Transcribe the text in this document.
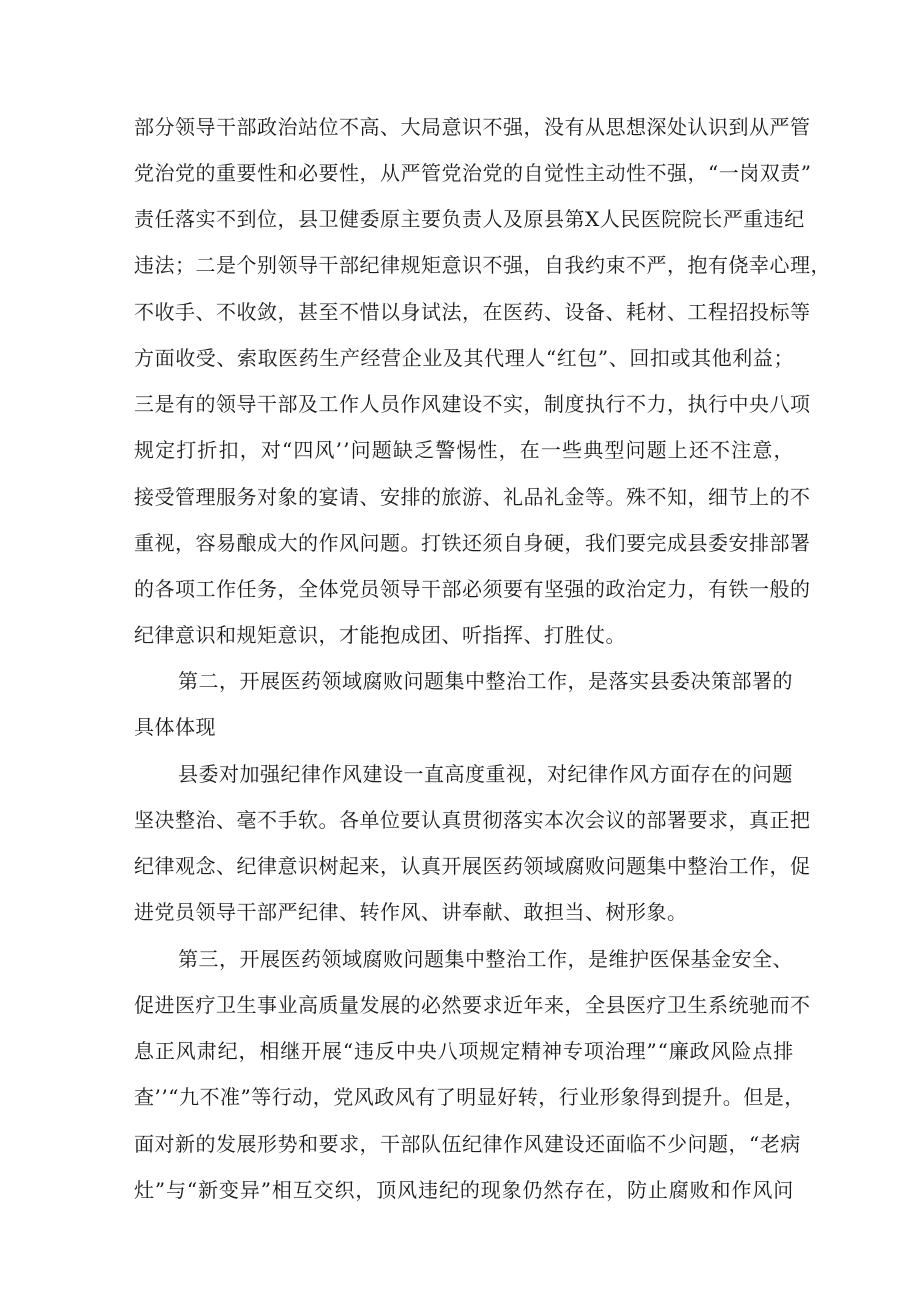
部 分 领 导 干 部 政 治 站 位 不 高 、 大 局 意 识 不 强 ， 没 有 从 思 想 深 处 认 识 到 从 严 管
党 治 党 的 重 要 性 和 必 要 性 ， 从 严 管 党 治 党 的 自 觉 性 主 动 性 不 强 ， “ 一 岗 双 责 ”
责 任 落 实 不 到 位 ， 县 卫 健 委 原 主 要 负 责 人 及 原 县 第 X 人 民 医 院 院 长 严 重 违 纪
违 法 ； 二 是 个 别 领 导 干 部 纪 律 规 矩 意 识 不 强 ， 自 我 约 束 不 严 ， 抱 有 侥 幸 心 理 ，
不 收 手 、 不 收 敛 ， 甚 至 不 惜 以 身 试 法 ， 在 医 药 、 设 备 、 耗 材 、 工 程 招 投 标 等
方 面 收 受 、 索 取 医 药 生 产 经 营 企 业 及 其 代 理 人 “ 红 包 ” 、 回 扣 或 其 他 利 益 ；
三 是 有 的 领 导 干 部 及 工 作 人 员 作 风 建 设 不 实 ， 制 度 执 行 不 力 ， 执 行 中 央 八 项
规 定 打 折 扣 ， 对 “ 四 风 ’ ’ 问 题 缺 乏 警 惕 性 ， 在 一 些 典 型 问 题 上 还 不 注 意 ，
接 受 管 理 服 务 对 象 的 宴 请 、 安 排 的 旅 游 、 礼 品 礼 金 等 。 殊 不 知 ， 细 节 上 的 不
重 视 ， 容 易 酿 成 大 的 作 风 问 题 。 打 铁 还 须 自 身 硬 ， 我 们 要 完 成 县 委 安 排 部 署
的 各 项 工 作 任 务 ， 全 体 党 员 领 导 干 部 必 须 要 有 坚 强 的 政 治 定 力 ， 有 铁 一 般 的
纪律意识和规矩意识，才能抱成团、听指挥、打胜仗。
第二，开展医药领域腐败问题集中整治工作，是落实县委决策部署的
具体体现
县委对加强纪律作风建设一直高度重视，对纪律作风方面存在的问题
坚 决 整 治 、 毫 不 手 软 。 各 单 位 要 认 真 贯 彻 落 实 本 次 会 议 的 部 署 要 求 ， 真 正 把
纪 律 观 念 、 纪 律 意 识 树 起 来 ， 认 真 开 展 医 药 领 域 腐 败 问 题 集 中 整 治 工 作 ， 促
进党员领导干部严纪律、转作风、讲奉献、敢担当、树形象。
第三，开展医药领域腐败问题集中整治工作，是维护医保基金安全、
促 进 医 疗 卫 生 事 业 高 质 量 发 展 的 必 然 要 求 近 年 来 ， 全 县 医 疗 卫 生 系 统 驰 而 不
息 正 风 肃 纪 ， 相 继 开 展 “ 违 反 中 央 八 项 规 定 精 神 专 项 治 理 ” “ 廉 政 风 险 点 排
查 ’ ’ “ 九 不 准 ” 等 行 动 ， 党 风 政 风 有 了 明 显 好 转 ， 行 业 形 象 得 到 提 升 。 但 是 ，
面 对 新 的 发 展 形 势 和 要 求 ， 干 部 队 伍 纪 律 作 风 建 设 还 面 临 不 少 问 题 ， “ 老 病
灶 ” 与 “ 新 变 异 ” 相 互 交 织 ， 顶 风 违 纪 的 现 象 仍 然 存 在 ， 防 止 腐 败 和 作 风 问
